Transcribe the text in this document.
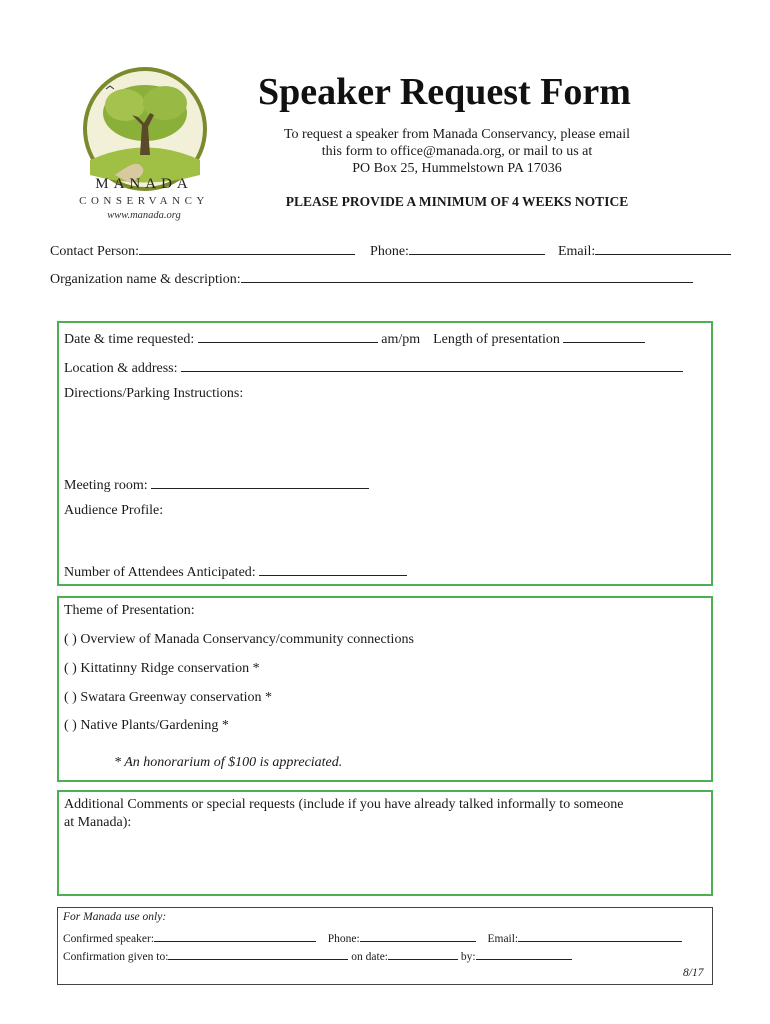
MANADA
CONSERVANCY
www.manada.org
Speaker Request Form
To request a speaker from Manada Conservancy, please email
this form to office@manada.org, or mail to us at
PO Box 25, Hummelstown PA 17036
PLEASE PROVIDE A MINIMUM OF 4 WEEKS NOTICE
Contact Person:	Phone:	Email:
Organization name & description:
Date & time requested:	am/pm Length of presentation
Location & address:
Directions/Parking Instructions:
Meeting room:
Audience Profile:
Number of Attendees Anticipated:
Theme of Presentation:
( ) Overview of Manada Conservancy/community connections
( ) Kittatinny Ridge conservation *
( ) Swatara Greenway conservation *
( ) Native Plants/Gardening *
* An honorarium of $100 is appreciated.
Additional Comments or special requests (include if you have already talked informally to someone
at Manada):
For Manada use only:
Confirmed speaker:	Phone:	Email:
Confirmation given to:	on date:	by:
8/17
